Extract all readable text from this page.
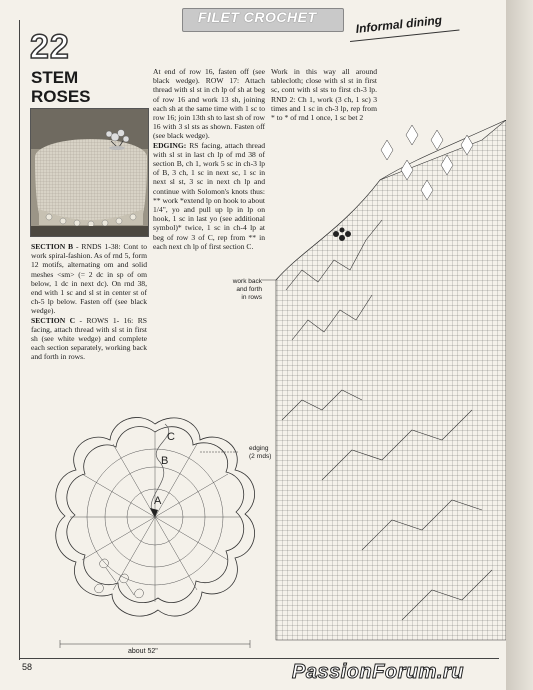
FILET CROCHET	Informal dining
22
STEM
ROSES
SECTION B - RNDS 1-38: Cont to work spiral-fashion. As of rnd 5, form 12 motifs, alternating om and solid meshes <sm> (= 2 dc in sp of om below, 1 dc in next dc). On rnd 38, end with 1 sc and sl st in center st of ch-5 lp below. Fasten off (see black wedge).
SECTION C - ROWS 1- 16: RS facing, attach thread with sl st in first sh (see white wedge) and complete each section separately, working back and forth in rows.
At end of row 16, fasten off (see black wedge). ROW 17: Attach thread with sl st in ch lp of sh at beg of row 16 and work 13 sh, joining each sh at the same time with 1 sc to row 16; join 13th sh to last sh of row 16 with 3 sl sts as shown. Fasten off (see black wedge).
EDGING: RS facing, attach thread with sl st in last ch lp of rnd 38 of section B, ch 1, work 5 sc in ch-3 lp of B, 3 ch, 1 sc in next sc, 1 sc in next sl st, 3 sc in next ch lp and continue with Solomon's knots thus: ** work *extend lp on hook to about 1/4", yo and pull up lp in lp on hook, 1 sc in last yo (see additional symbol)* twice, 1 sc in ch-4 lp at beg of row 3 of C, rep from ** in each next ch lp of first section C.
Work in this way all around tablecloth; close with sl st in first sc, cont with sl sts to first ch-3 lp. RND 2: Ch 1, work (3 ch, 1 sc) 3 times and 1 sc in ch-3 lp, rep from * to * of rnd 1 once, 1 sc bet 2
A
B
C
edging
(2 rnds)
about 52"
work back and forth in rows
58	PassionForum.ru
